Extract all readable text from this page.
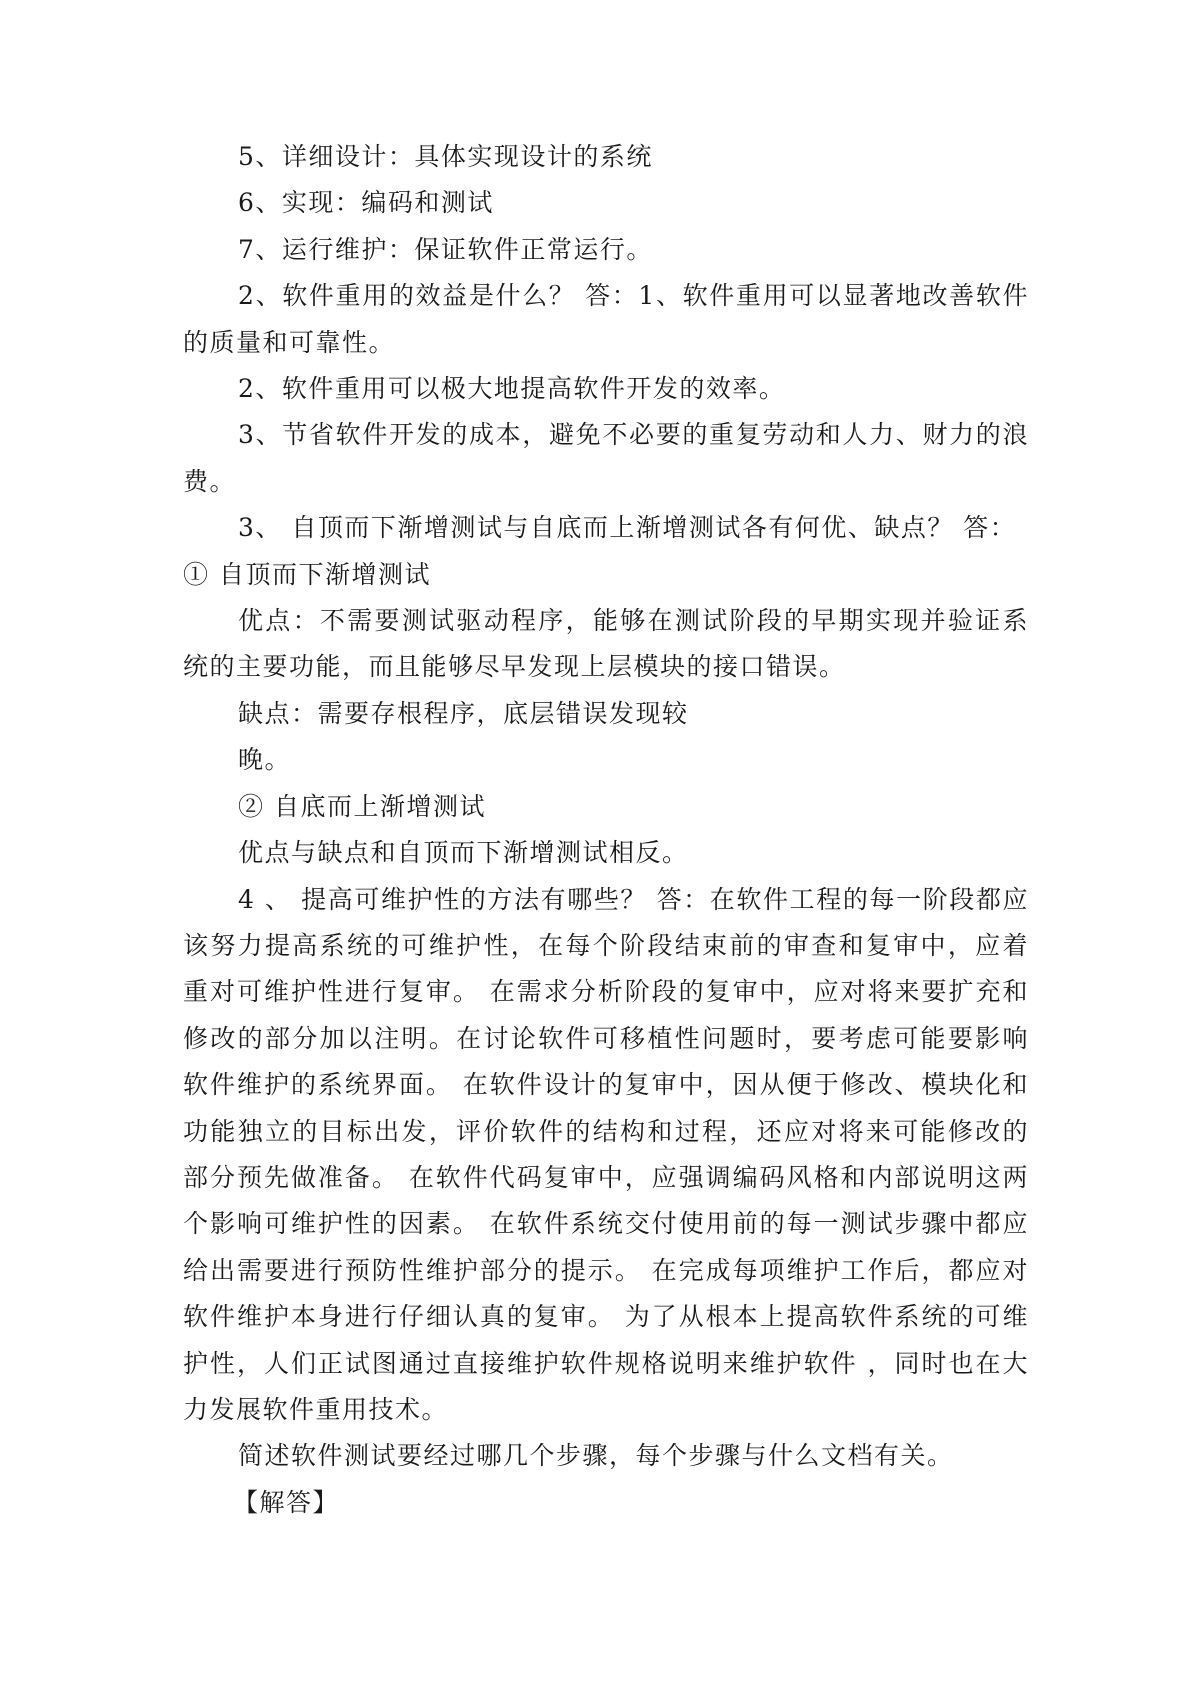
5、详细设计：具体实现设计的系统

6、实现：编码和测试

7、运行维护：保证软件正常运行。

2、软件重用的效益是什么？ 答：1、软件重用可以显著地改善软件的质量和可靠性。

2、软件重用可以极大地提高软件开发的效率。

3、节省软件开发的成本，避免不必要的重复劳动和人力、财力的浪费。

3、 自顶而下渐增测试与自底而上渐增测试各有何优、缺点？ 答：

① 自顶而下渐增测试

优点：不需要测试驱动程序，能够在测试阶段的早期实现并验证系统的主要功能，而且能够尽早发现上层模块的接口错误。

缺点：需要存根程序，底层错误发现较

晚。

② 自底而上渐增测试

优点与缺点和自顶而下渐增测试相反。

4 、 提高可维护性的方法有哪些？ 答：在软件工程的每一阶段都应该努力提高系统的可维护性，在每个阶段结束前的审查和复审中，应着重对可维护性进行复审。 在需求分析阶段的复审中，应对将来要扩充和修改的部分加以注明。在讨论软件可移植性问题时，要考虑可能要影响软件维护的系统界面。 在软件设计的复审中，因从便于修改、模块化和功能独立的目标出发，评价软件的结构和过程，还应对将来可能修改的部分预先做准备。 在软件代码复审中，应强调编码风格和内部说明这两个影响可维护性的因素。 在软件系统交付使用前的每一测试步骤中都应给出需要进行预防性维护部分的提示。 在完成每项维护工作后，都应对软件维护本身进行仔细认真的复审。 为了从根本上提高软件系统的可维护性，人们正试图通过直接维护软件规格说明来维护软件 ，同时也在大力发展软件重用技术。

简述软件测试要经过哪几个步骤，每个步骤与什么文档有关。

【解答】
